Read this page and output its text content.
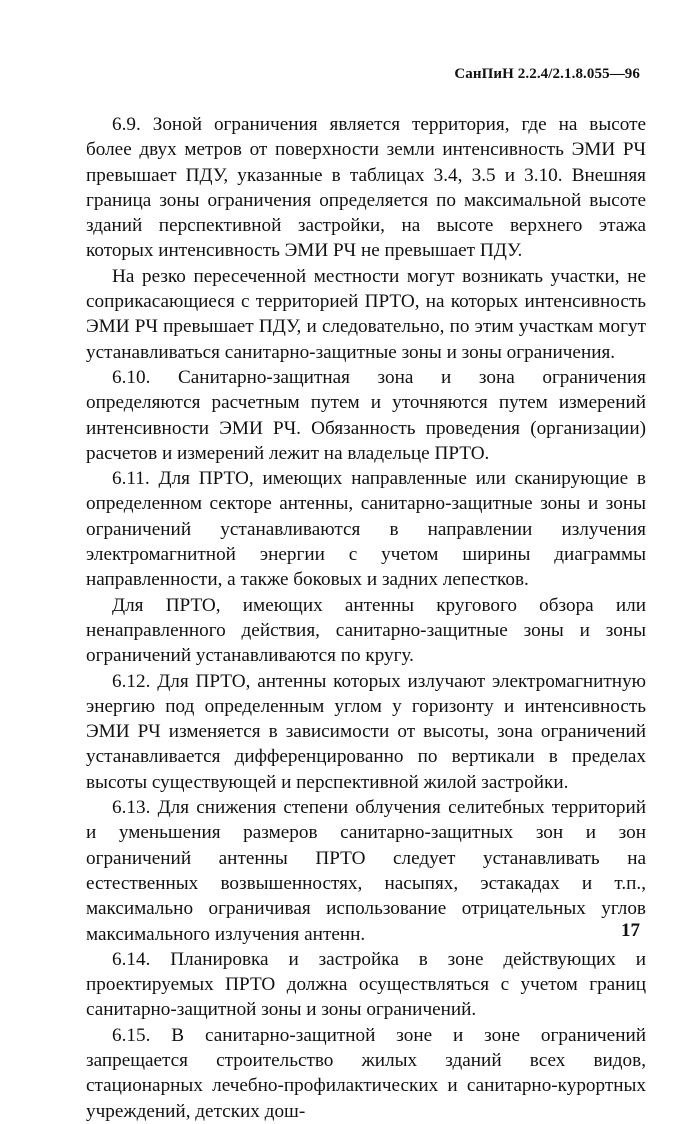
СанПиН 2.2.4/2.1.8.055—96

6.9. Зоной ограничения является территория, где на высоте более двух метров от поверхности земли интенсивность ЭМИ РЧ превышает ПДУ, указанные в таблицах 3.4, 3.5 и 3.10. Внешняя граница зоны ограничения определяется по максимальной высоте зданий перспективной застройки, на высоте верхнего этажа которых интенсивность ЭМИ РЧ не превышает ПДУ.

На резко пересеченной местности могут возникать участки, не соприкасающиеся с территорией ПРТО, на которых интенсивность ЭМИ РЧ превышает ПДУ, и следовательно, по этим участкам могут устанавливаться санитарно-защитные зоны и зоны ограничения.

6.10. Санитарно-защитная зона и зона ограничения определяются расчетным путем и уточняются путем измерений интенсивности ЭМИ РЧ. Обязанность проведения (организации) расчетов и измерений лежит на владельце ПРТО.

6.11. Для ПРТО, имеющих направленные или сканирующие в определенном секторе антенны, санитарно-защитные зоны и зоны ограничений устанавливаются в направлении излучения электромагнитной энергии с учетом ширины диаграммы направленности, а также боковых и задних лепестков.

Для ПРТО, имеющих антенны кругового обзора или ненаправленного действия, санитарно-защитные зоны и зоны ограничений устанавливаются по кругу.

6.12. Для ПРТО, антенны которых излучают электромагнитную энергию под определенным углом у горизонту и интенсивность ЭМИ РЧ изменяется в зависимости от высоты, зона ограничений устанавливается дифференцированно по вертикали в пределах высоты существующей и перспективной жилой застройки.

6.13. Для снижения степени облучения селитебных территорий и уменьшения размеров санитарно-защитных зон и зон ограничений антенны ПРТО следует устанавливать на естественных возвышенностях, насыпях, эстакадах и т.п., максимально ограничивая использование отрицательных углов максимального излучения антенн.

6.14. Планировка и застройка в зоне действующих и проектируемых ПРТО должна осуществляться с учетом границ санитарно-защитной зоны и зоны ограничений.

6.15. В санитарно-защитной зоне и зоне ограничений запрещается строительство жилых зданий всех видов, стационарных лечебно-профилактических и санитарно-курортных учреждений, детских дош-

17
